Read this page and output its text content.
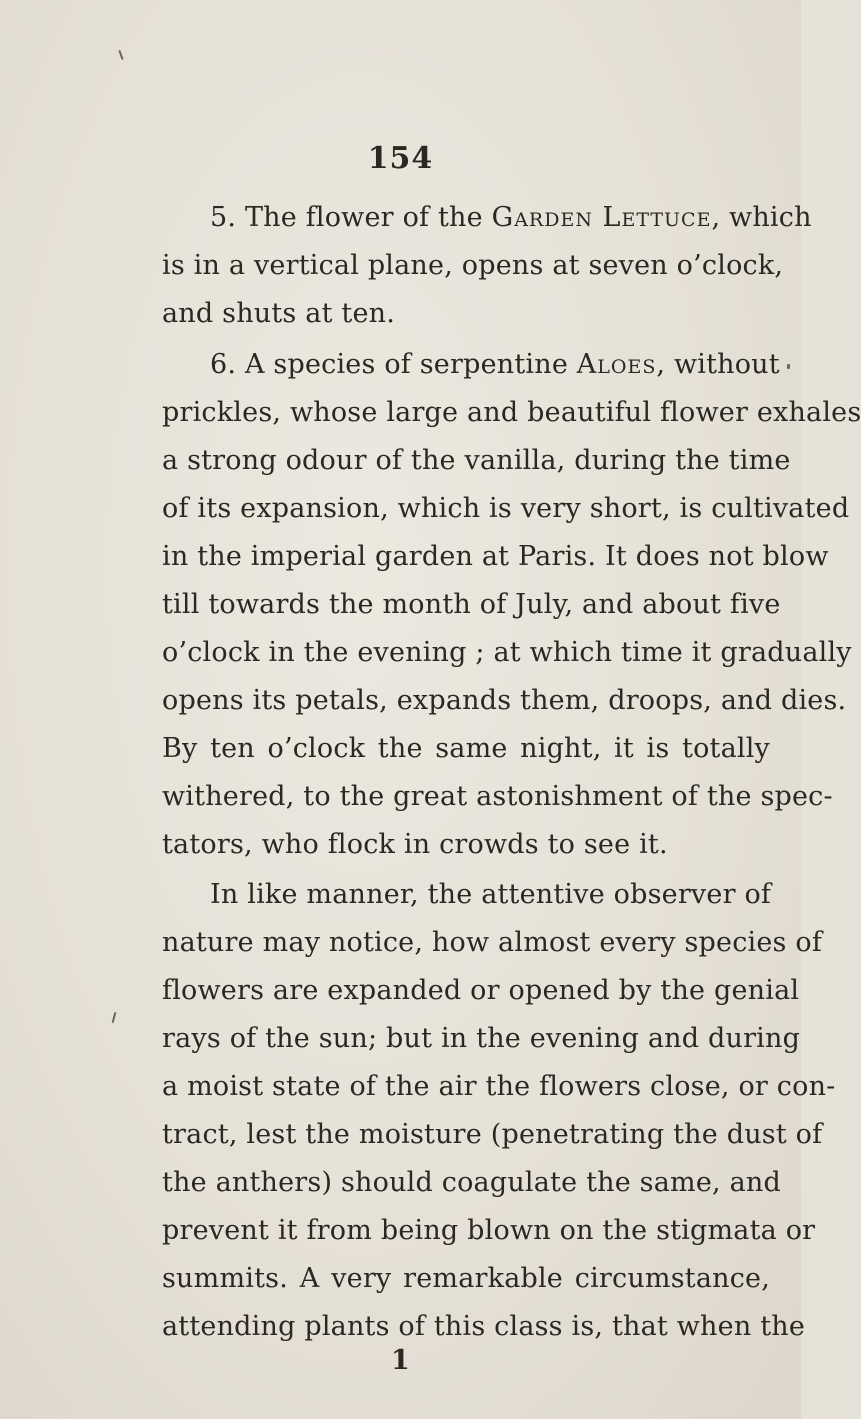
154
5. The flower of the Garden Lettuce, which
is in a vertical plane, opens at seven o’clock,
and shuts at ten.
6. A species of serpentine Aloes, without
prickles, whose large and beautiful flower exhales
a strong odour of the vanilla, during the time
of its expansion, which is very short, is cultivated
in the imperial garden at Paris. It does not blow
till towards the month of July, and about five
o’clock in the evening ; at which time it gradually
opens its petals, expands them, droops, and dies.
By ten o’clock the same night, it is totally
withered, to the great astonishment of the spec-
tators, who flock in crowds to see it.
In like manner, the attentive observer of
nature may notice, how almost every species of
flowers are expanded or opened by the genial
rays of the sun; but in the evening and during
a moist state of the air the flowers close, or con-
tract, lest the moisture (penetrating the dust of
the anthers) should coagulate the same, and
prevent it from being blown on the stigmata or
summits. A very remarkable circumstance,
attending plants of this class is, that when the
1
